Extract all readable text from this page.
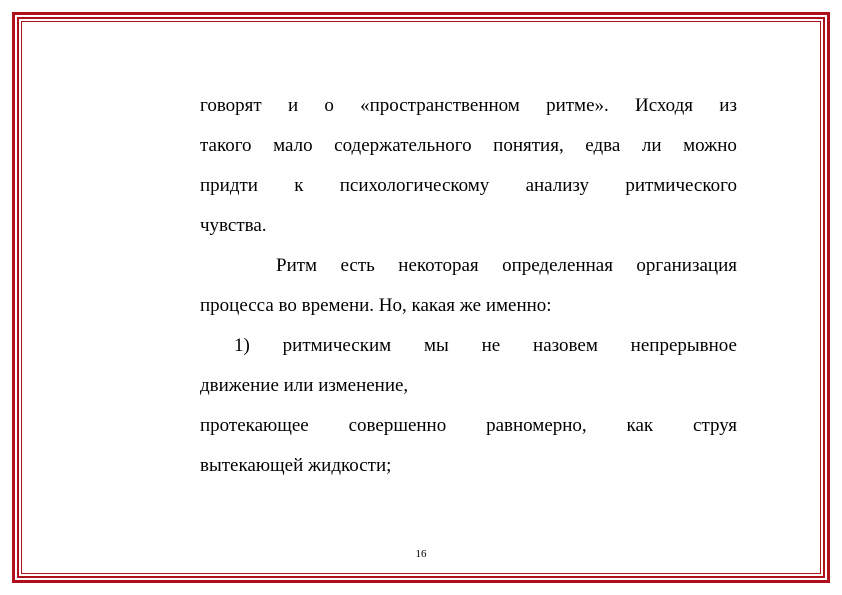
говорят и о «пространственном ритме». Исходя из
такого мало содержательного понятия, едва ли можно
придти к психологическому анализу ритмического
чувства.
Ритм есть некоторая определенная организация
процесса во времени. Но, какая же именно:
1) ритмическим мы не назовем непрерывное
движение или изменение,
протекающее совершенно равномерно, как струя
вытекающей жидкости;
16
